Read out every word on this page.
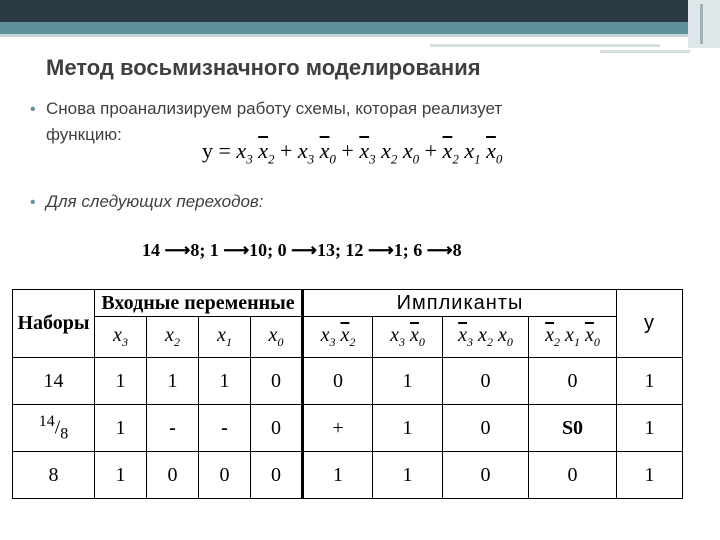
Метод восьмизначного моделирования
• Снова проанализируем работу схемы, которая реализует
функцию:
$y = x_3$ $\overline{x}_2 + x_3$ $\overline{x}_0 + \overline{x}_3$ $x_2$ $x_0 + \overline{x}_2$ $x_1$ $\overline{x}_0$
• Для следующих переходов:
14 ⟶8; 1 ⟶10; 0 ⟶13; 12 ⟶1; 6 ⟶8
Наборы	Входные переменные				Импликанты				y
	$x_3$	$x_2$	$x_1$	$x_0$	$x_3$ $\overline{x}_2$	$x_3$ $\overline{x}_0$	$\overline{x}_3$ $x_2$ $x_0$	$\overline{x}_2$ $x_1$ $\overline{x}_0$
14	1	1	1	0	0	1	0	0	1
$^{14}/_8$	1	-	-	0	+	1	0	S0	1
8	1	0	0	0	1	1	0	0	1
